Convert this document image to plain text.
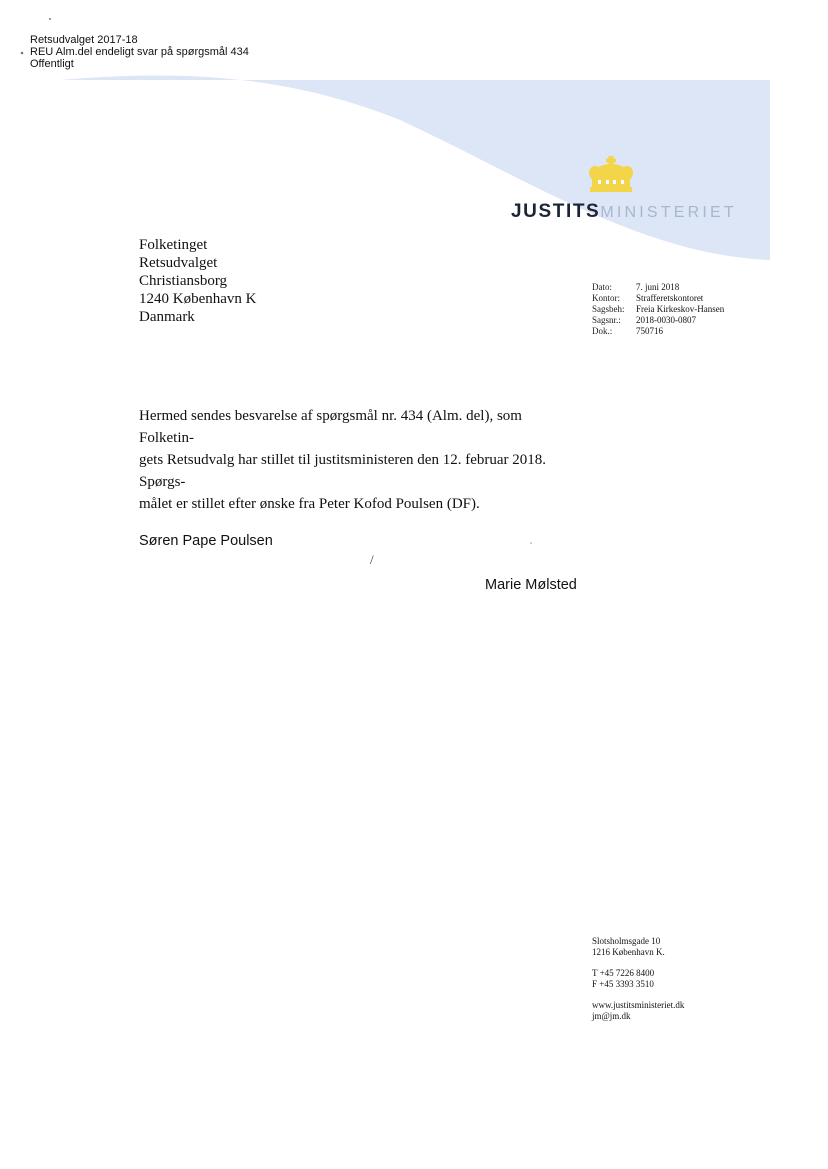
Retsudvalget 2017-18
REU Alm.del endeligt svar på spørgsmål 434
Offentligt
JUSTITSMINISTERIET
Folketinget
Retsudvalget
Christiansborg
1240 København K
Danmark
Dato:	7. juni 2018
Kontor:	Strafferetskontoret
Sagsbeh:	Freia Kirkeskov-Hansen
Sagsnr.:	2018-0030-0807
Dok.:	750716

Hermed sendes besvarelse af spørgsmål nr. 434 (Alm. del), som Folketin-

gets Retsudvalg har stillet til justitsministeren den 12. februar 2018. Spørgs-

målet er stillet efter ønske fra Peter Kofod Poulsen (DF).

Søren Pape Poulsen
/
Marie Mølsted
Slotsholmsgade 10
1216 København K.
T +45 7226 8400
F +45 3393 3510
www.justitsministeriet.dk
jm@jm.dk
